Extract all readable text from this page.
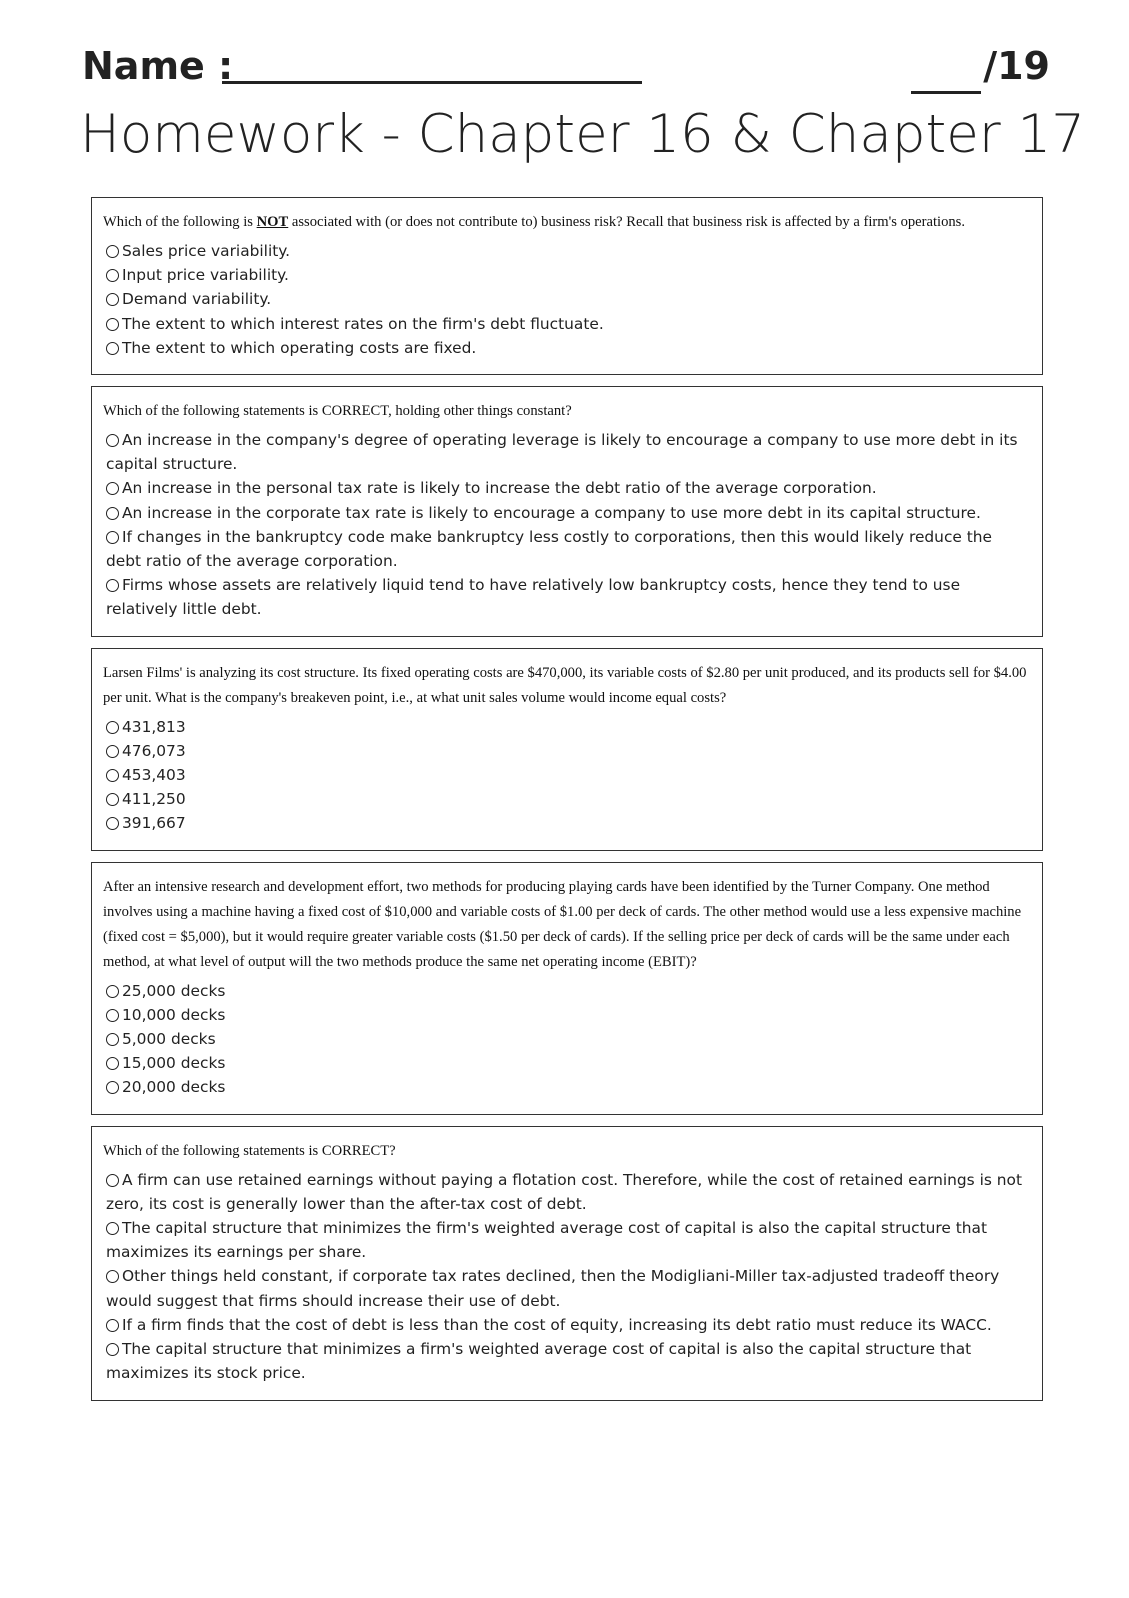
Name :	/19
Homework - Chapter 16 & Chapter 17

Which of the following is NOT associated with (or does not contribute to) business risk? Recall that business risk is affected by a firm's operations.

Sales price variability.
Input price variability.
Demand variability.
The extent to which interest rates on the firm's debt fluctuate.
The extent to which operating costs are fixed.

Which of the following statements is CORRECT, holding other things constant?

An increase in the company's degree of operating leverage is likely to encourage a company to use more debt in its capital structure.
An increase in the personal tax rate is likely to increase the debt ratio of the average corporation.
An increase in the corporate tax rate is likely to encourage a company to use more debt in its capital structure.
If changes in the bankruptcy code make bankruptcy less costly to corporations, then this would likely reduce the debt ratio of the average corporation.
Firms whose assets are relatively liquid tend to have relatively low bankruptcy costs, hence they tend to use relatively little debt.

Larsen Films' is analyzing its cost structure. Its fixed operating costs are $470,000, its variable costs of $2.80 per unit produced, and its products sell for $4.00 per unit. What is the company's breakeven point, i.e., at what unit sales volume would income equal costs?

431,813
476,073
453,403
411,250
391,667

After an intensive research and development effort, two methods for producing playing cards have been identified by the Turner Company. One method involves using a machine having a fixed cost of $10,000 and variable costs of $1.00 per deck of cards. The other method would use a less expensive machine (fixed cost = $5,000), but it would require greater variable costs ($1.50 per deck of cards). If the selling price per deck of cards will be the same under each method, at what level of output will the two methods produce the same net operating income (EBIT)?

25,000 decks
10,000 decks
5,000 decks
15,000 decks
20,000 decks

Which of the following statements is CORRECT?

A firm can use retained earnings without paying a flotation cost. Therefore, while the cost of retained earnings is not zero, its cost is generally lower than the after-tax cost of debt.
The capital structure that minimizes the firm's weighted average cost of capital is also the capital structure that maximizes its earnings per share.
Other things held constant, if corporate tax rates declined, then the Modigliani-Miller tax-adjusted tradeoff theory would suggest that firms should increase their use of debt.
If a firm finds that the cost of debt is less than the cost of equity, increasing its debt ratio must reduce its WACC.
The capital structure that minimizes a firm's weighted average cost of capital is also the capital structure that maximizes its stock price.
